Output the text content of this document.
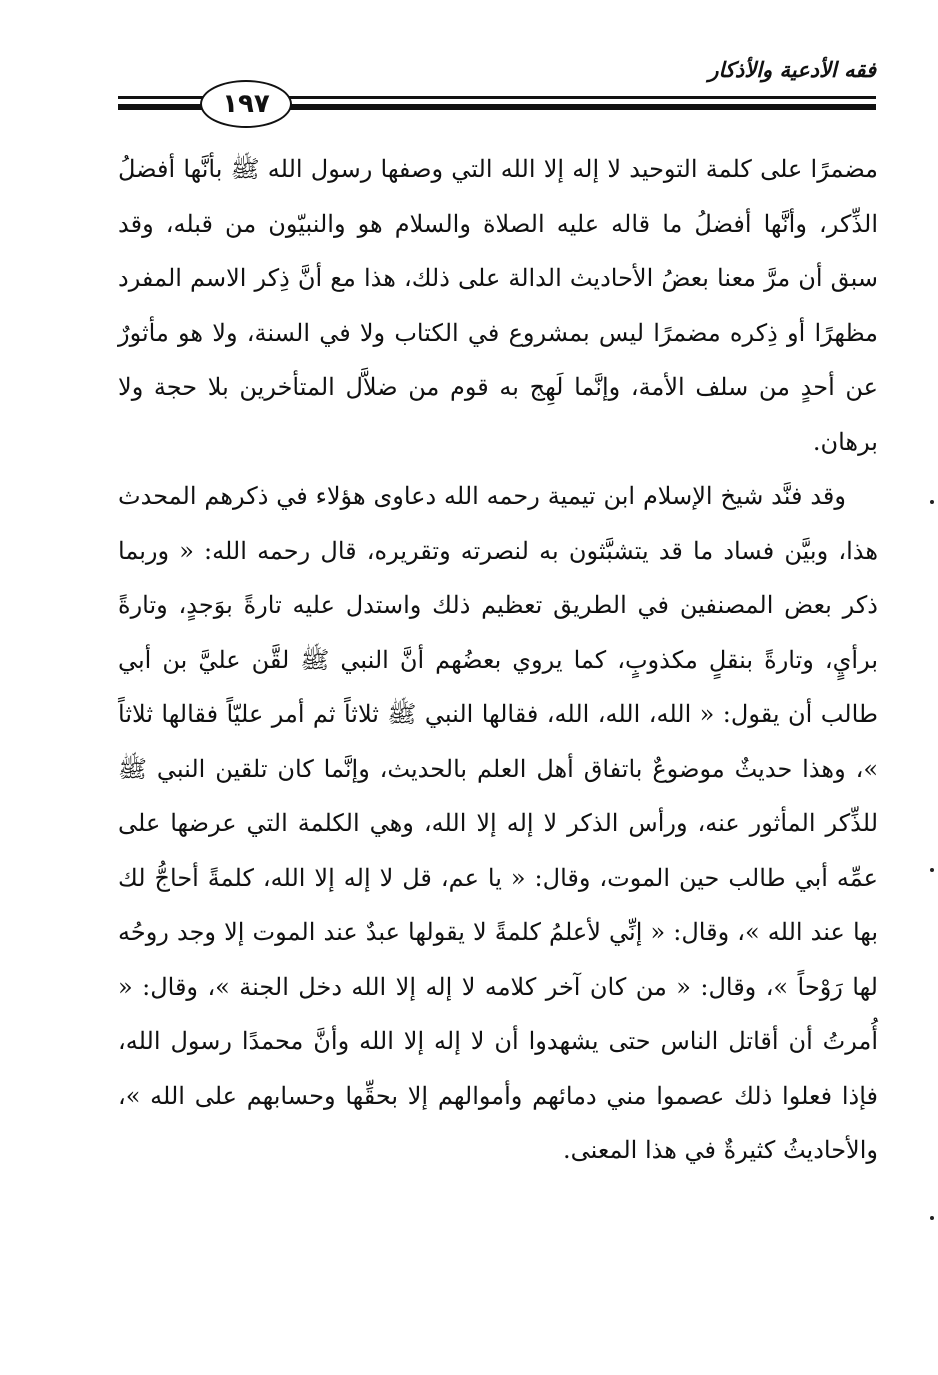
فقه الأدعية والأذكار
١٩٧

مضمرًا على كلمة التوحيد لا إله إلا الله التي وصفها رسول الله ﷺ بأنَّها أفضلُ الذِّكر، وأنَّها أفضلُ ما قاله عليه الصلاة والسلام هو والنبيّون من قبله، وقد سبق أن مرَّ معنا بعضُ الأحاديث الدالة على ذلك، هذا مع أنَّ ذِكر الاسم المفرد مظهرًا أو ذِكره مضمرًا ليس بمشروع في الكتاب ولا في السنة، ولا هو مأثورٌ عن أحدٍ من سلف الأمة، وإنَّما لَهِج به قوم من ضلاَّل المتأخرين بلا حجة ولا برهان.

وقد فنَّد شيخ الإسلام ابن تيمية رحمه الله دعاوى هؤلاء في ذكرهم المحدث هذا، وبيَّن فساد ما قد يتشبَّثون به لنصرته وتقريره، قال رحمه الله: « وربما ذكر بعض المصنفين في الطريق تعظيم ذلك واستدل عليه تارةً بوَجدٍ، وتارةً برأيٍ، وتارةً بنقلٍ مكذوبٍ، كما يروي بعضُهم أنَّ النبي ﷺ لقَّن عليَّ بن أبي طالب أن يقول: « الله، الله، الله، فقالها النبي ﷺ ثلاثاً ثم أمر عليّاً فقالها ثلاثاً »، وهذا حديثٌ موضوعٌ باتفاق أهل العلم بالحديث، وإنَّما كان تلقين النبي ﷺ للذِّكر المأثور عنه، ورأس الذكر لا إله إلا الله، وهي الكلمة التي عرضها على عمِّه أبي طالب حين الموت، وقال: « يا عم، قل لا إله إلا الله، كلمةً أحاجُّ لك بها عند الله »، وقال: « إنِّي لأعلمُ كلمةً لا يقولها عبدٌ عند الموت إلا وجد روحُه لها رَوْحاً »، وقال: « من كان آخر كلامه لا إله إلا الله دخل الجنة »، وقال: « أُمرتُ أن أقاتل الناس حتى يشهدوا أن لا إله إلا الله وأنَّ محمدًا رسول الله، فإذا فعلوا ذلك عصموا مني دمائهم وأموالهم إلا بحقِّها وحسابهم على الله »، والأحاديثُ كثيرةٌ في هذا المعنى.
